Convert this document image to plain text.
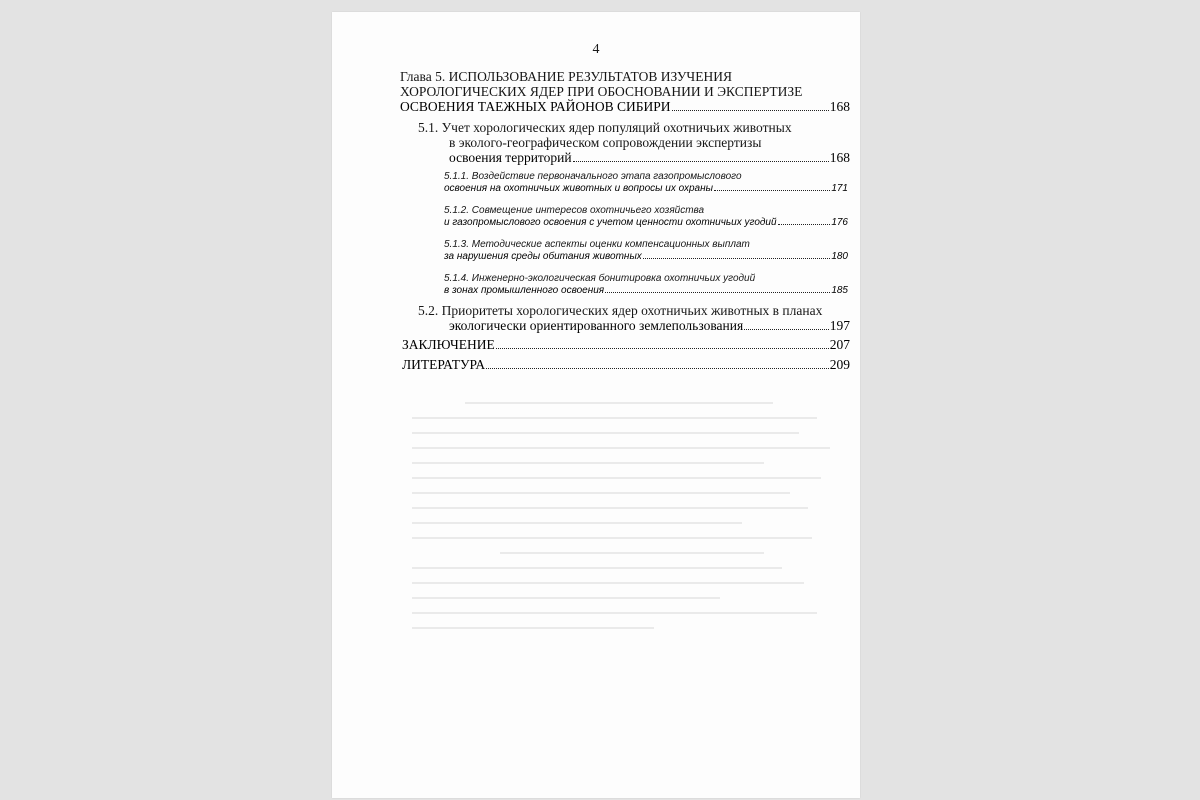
4
Глава 5. ИСПОЛЬЗОВАНИЕ РЕЗУЛЬТАТОВ ИЗУЧЕНИЯ
ХОРОЛОГИЧЕСКИХ ЯДЕР ПРИ ОБОСНОВАНИИ И ЭКСПЕРТИЗЕ
ОСВОЕНИЯ ТАЕЖНЫХ РАЙОНОВ СИБИРИ	168
5.1. Учет хорологических ядер популяций охотничьих животных
в эколого-географическом сопровождении экспертизы
освоения территорий	168
5.1.1. Воздействие первоначального этапа газопромыслового
освоения на охотничьих животных и вопросы их охраны	171
5.1.2. Совмещение интересов охотничьего хозяйства
и газопромыслового освоения с учетом ценности охотничьих угодий	176
5.1.3. Методические аспекты оценки компенсационных выплат
за нарушения среды обитания животных	180
5.1.4. Инженерно-экологическая бонитировка охотничьих угодий
в зонах промышленного освоения	185
5.2. Приоритеты хорологических ядер охотничьих животных в планах
экологически ориентированного землепользования	197
ЗАКЛЮЧЕНИЕ	207
ЛИТЕРАТУРА	209
